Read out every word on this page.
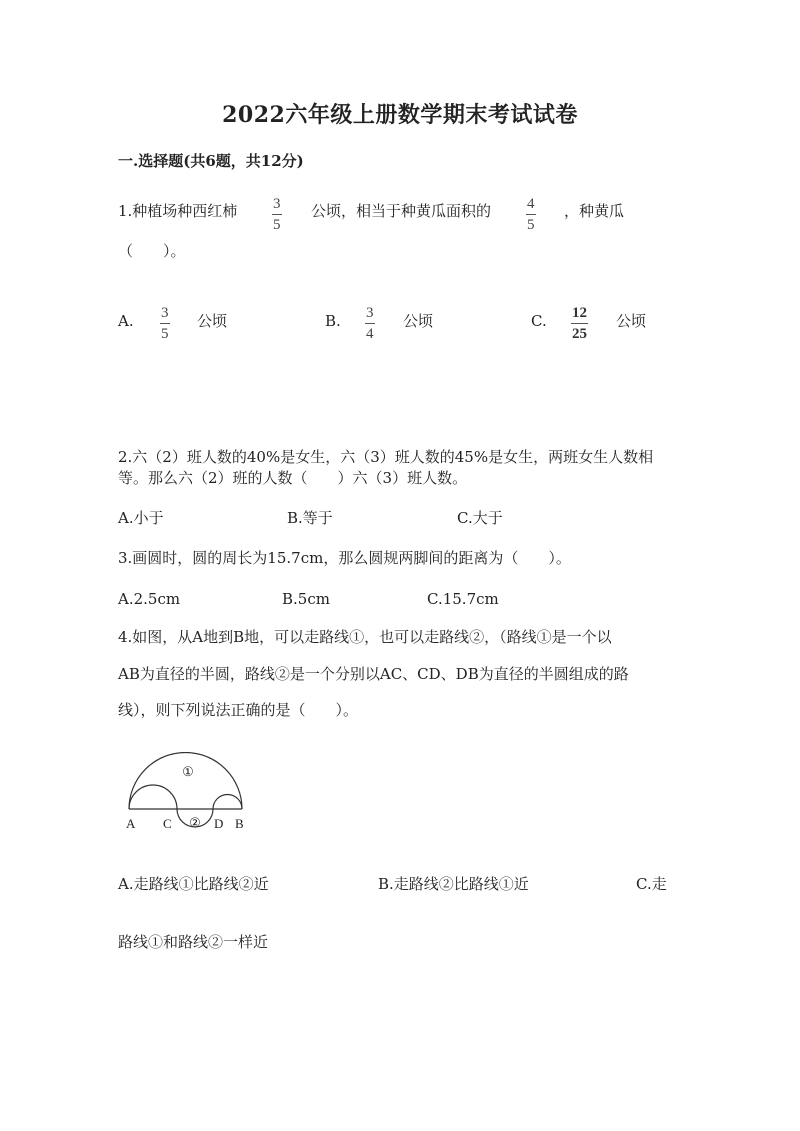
2022六年级上册数学期末考试试卷
一.选择题(共6题，共12分)
1.种植场种西红柿 3
5
公顷，相当于种黄瓜面积的 4
5
，种黄瓜
（　　）。
A. 3
5
公顷	B. 3
4
公顷	C. 12
25
公顷
2.六（2）班人数的40%是女生，六（3）班人数的45%是女生，两班女生人数相
等。那么六（2）班的人数（　　）六（3）班人数。
A.小于	B.等于	C.大于
3.画圆时，圆的周长为15.7cm，那么圆规两脚间的距离为（　　）。
A.2.5cm	B.5cm	C.15.7cm
4.如图，从A地到B地，可以走路线①，也可以走路线②，（路线①是一个以
AB为直径的半圆，路线②是一个分别以AC、CD、DB为直径的半圆组成的路
线），则下列说法正确的是（　　）。
①
②
A C	D B
A.走路线①比路线②近	B.走路线②比路线①近	C.走
路线①和路线②一样近
